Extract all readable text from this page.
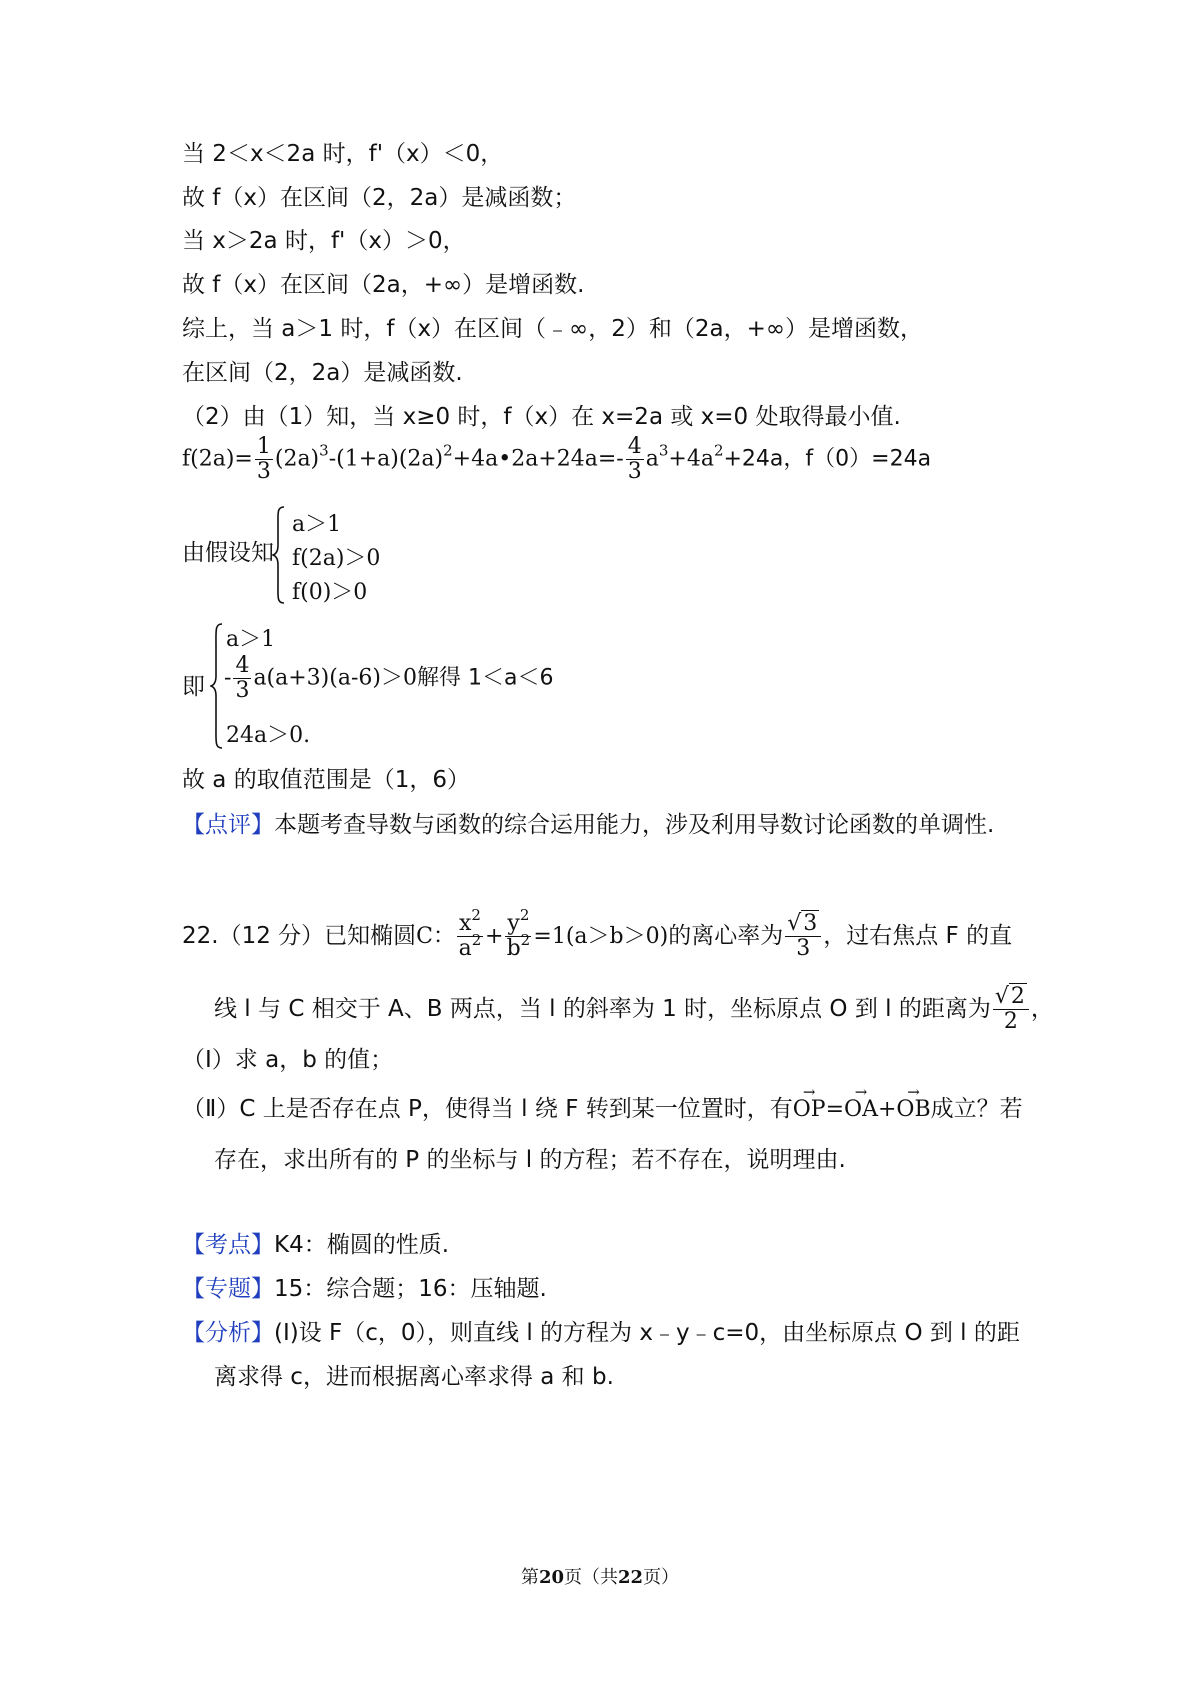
当 2＜x＜2a 时，f'（x）＜0，
故 f（x）在区间（2，2a）是减函数；
当 x＞2a 时，f'（x）＞0，
故 f（x）在区间（2a，+∞）是增函数.
综上，当 a＞1 时，f（x）在区间（﹣∞，2）和（2a，+∞）是增函数，
在区间（2，2a）是减函数.
（2）由（1）知，当 x≥0 时，f（x）在 x=2a 或 x=0 处取得最小值.
$f(2a)= \frac{1}{3}$ $(2a)^3-(1+a)(2a)^2+4a•2a+24a=- \frac{4}{3} a^3+4a^2+24a$，f（0）=24a
由假设知
a＞1
f(2a)＞0
f(0)＞0
即
a＞1
- $\frac{4}{3} a(a+3)(a-6)>0$解得 1＜a＜6
24a＞0.
故 a 的取值范围是（1，6）
【点评】本题考查导数与函数的综合运用能力，涉及利用导数讨论函数的单调性.
22.（12 分）已知椭圆C： $\frac{x^2}{a^2} + \frac{y^2}{b^2} =1(a>b>0)$的离心率为 $\frac{√3}{3}$ ，过右焦点 F 的直
线 l 与 C 相交于 A、B 两点，当 l 的斜率为 1 时，坐标原点 O 到 l 的距离为 $\frac{√2}{2}$ ，
（Ⅰ）求 a，b 的值；
（Ⅱ）C 上是否存在点 P，使得当 l 绕 F 转到某一位置时，有→ OP=→ OA+→ OB成立？若
存在，求出所有的 P 的坐标与 l 的方程；若不存在，说明理由.
【考点】K4：椭圆的性质.
【专题】15：综合题；16：压轴题.
【分析】(Ⅰ)设 F（c，0），则直线 l 的方程为 x﹣y﹣c=0，由坐标原点 O 到 l 的距
离求得 c，进而根据离心率求得 a 和 b.
第20页（共22页）
